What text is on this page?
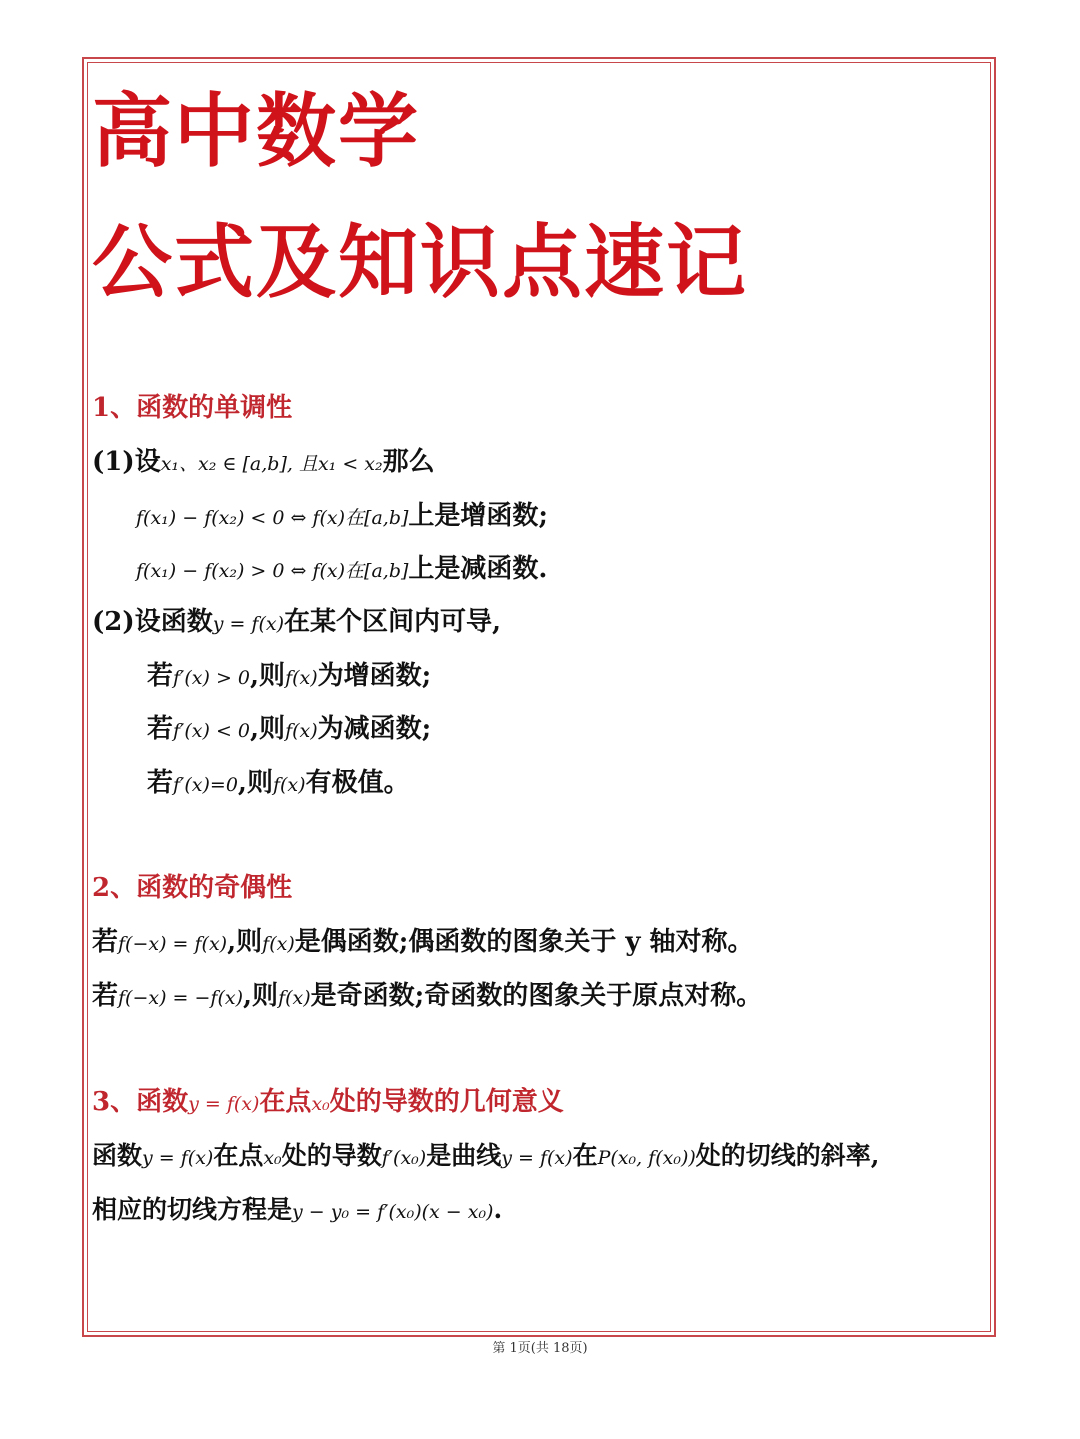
高中数学
公式及知识点速记
1、函数的单调性

(1)设x₁、x₂ ∈ [a,b], 且x₁ < x₂那么

f(x₁) − f(x₂) < 0 ⇔ f(x)在[a,b]上是增函数;

f(x₁) − f(x₂) > 0 ⇔ f(x)在[a,b]上是减函数.

(2)设函数y = f(x)在某个区间内可导,

若f′(x) > 0,则f(x)为增函数;

若f′(x) < 0,则f(x)为减函数;

若f′(x)=0,则f(x)有极值。

2、函数的奇偶性

若f(−x) = f(x),则f(x)是偶函数;偶函数的图象关于 y 轴对称。

若f(−x) = −f(x),则f(x)是奇函数;奇函数的图象关于原点对称。

3、函数y = f(x)在点x₀处的导数的几何意义

函数y = f(x)在点x₀处的导数f′(x₀)是曲线y = f(x)在P(x₀, f(x₀))处的切线的斜率,

相应的切线方程是y − y₀ = f′(x₀)(x − x₀).

第 1页(共 18页)
